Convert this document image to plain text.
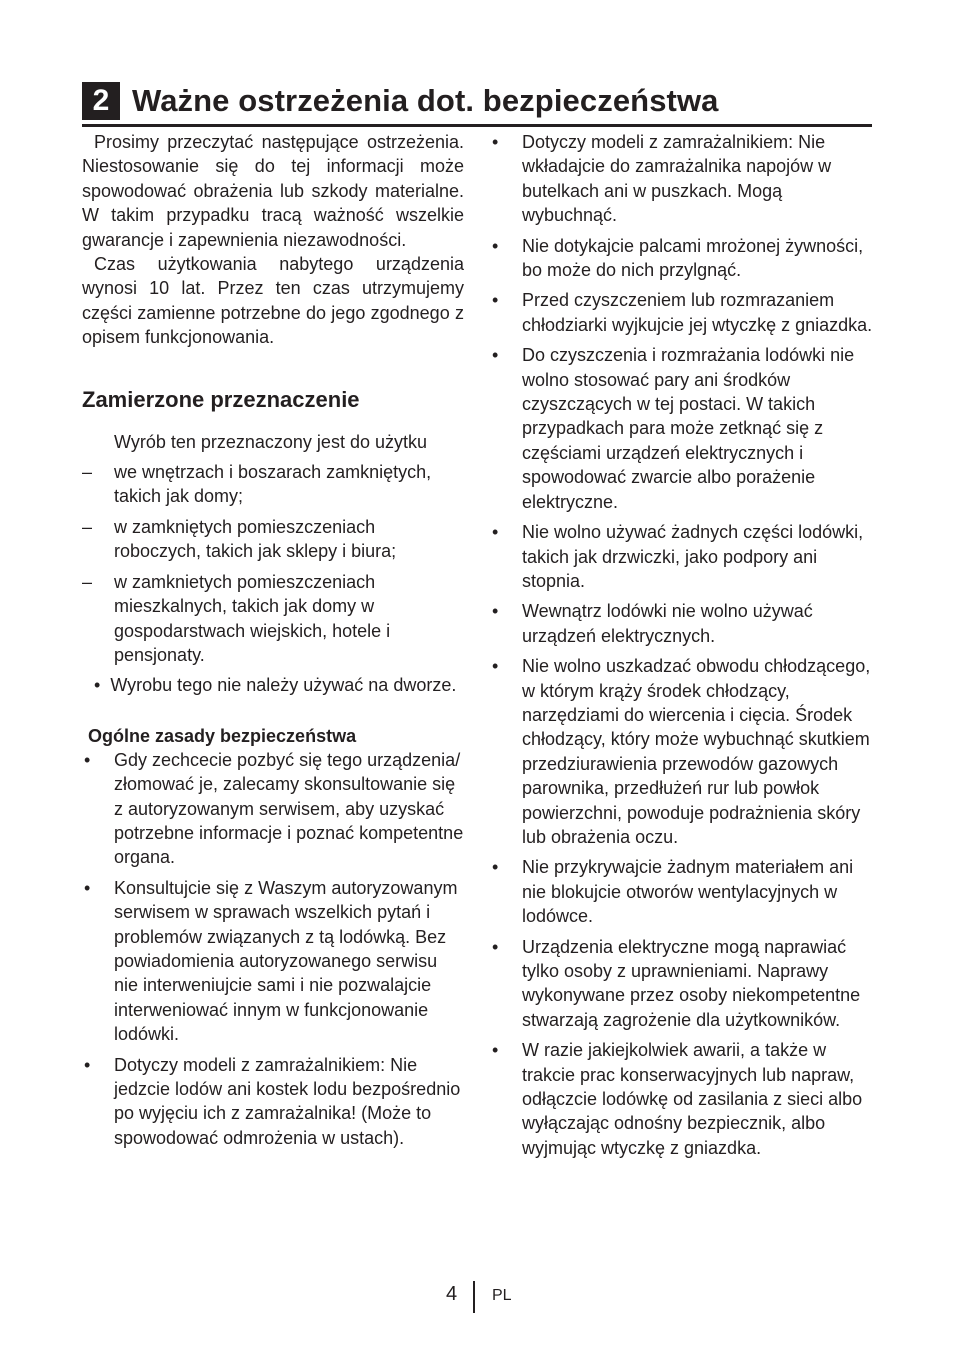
2 Ważne ostrzeżenia dot. bezpieczeństwa

Prosimy przeczytać następujące ostrzeżenia. Niestosowanie się do tej informacji może spowodować obrażenia lub szkody materialne. W takim przypadku tracą ważność wszelkie gwarancje i zapewnienia niezawodności.

Czas użytkowania nabytego urządzenia wynosi 10 lat. Przez ten czas utrzymujemy części zamienne potrzebne do jego zgodnego z opisem funkcjonowania.

Zamierzone przeznaczenie

Wyrób ten przeznaczony jest do użytku

– we wnętrzach i boszarach zamkniętych, takich jak domy;
– w zamkniętych pomieszczeniach roboczych, takich jak sklepy i biura;
– w zamknietych pomieszczeniach mieszkalnych, takich jak domy w gospodarstwach wiejskich, hotele i pensjonaty.

• Wyrobu tego nie należy używać na dworze.

Ogólne zasady bezpieczeństwa
• Gdy zechcecie pozbyć się tego urządzenia/ złomować je, zalecamy skonsultowanie się z autoryzowanym serwisem, aby uzyskać potrzebne informacje i poznać kompetentne organa.
• Konsultujcie się z Waszym autoryzowanym serwisem w sprawach wszelkich pytań i problemów związanych z tą lodówką. Bez powiadomienia autoryzowanego serwisu nie interweniujcie sami i nie pozwalajcie interweniować innym w funkcjonowanie lodówki.
• Dotyczy modeli z zamrażalnikiem: Nie jedzcie lodów ani kostek lodu bezpośrednio po wyjęciu ich z zamrażalnika! (Może to spowodować odmrożenia w ustach).
• Dotyczy modeli z zamrażalnikiem: Nie wkładajcie do zamrażalnika napojów w butelkach ani w puszkach. Mogą wybuchnąć.
• Nie dotykajcie palcami mrożonej żywności, bo może do nich przylgnąć.
• Przed czyszczeniem lub rozmrazaniem chłodziarki wyjkujcie jej wtyczkę z gniazdka.
• Do czyszczenia i rozmrażania lodówki nie wolno stosować pary ani środków czyszczących w tej postaci. W takich przypadkach para może zetknąć się z częściami urządzeń elektrycznych i spowodować zwarcie albo porażenie elektryczne.
• Nie wolno używać żadnych części lodówki, takich jak drzwiczki, jako podpory ani stopnia.
• Wewnątrz lodówki nie wolno używać urządzeń elektrycznych.
• Nie wolno uszkadzać obwodu chłodzącego, w którym krąży środek chłodzący, narzędziami do wiercenia i cięcia. Środek chłodzący, który może wybuchnąć skutkiem przedziurawienia przewodów gazowych parownika, przedłużeń rur lub powłok powierzchni, powoduje podrażnienia skóry lub obrażenia oczu.
• Nie przykrywajcie żadnym materiałem ani nie blokujcie otworów wentylacyjnych w lodówce.
• Urządzenia elektryczne mogą naprawiać tylko osoby z uprawnieniami. Naprawy wykonywane przez osoby niekompetentne stwarzają zagrożenie dla użytkowników.
• W razie jakiejkolwiek awarii, a także w trakcie prac konserwacyjnych lub napraw, odłączcie lodówkę od zasilania z sieci albo wyłączając odnośny bezpiecznik, albo wyjmując wtyczkę z gniazdka.
4 PL
